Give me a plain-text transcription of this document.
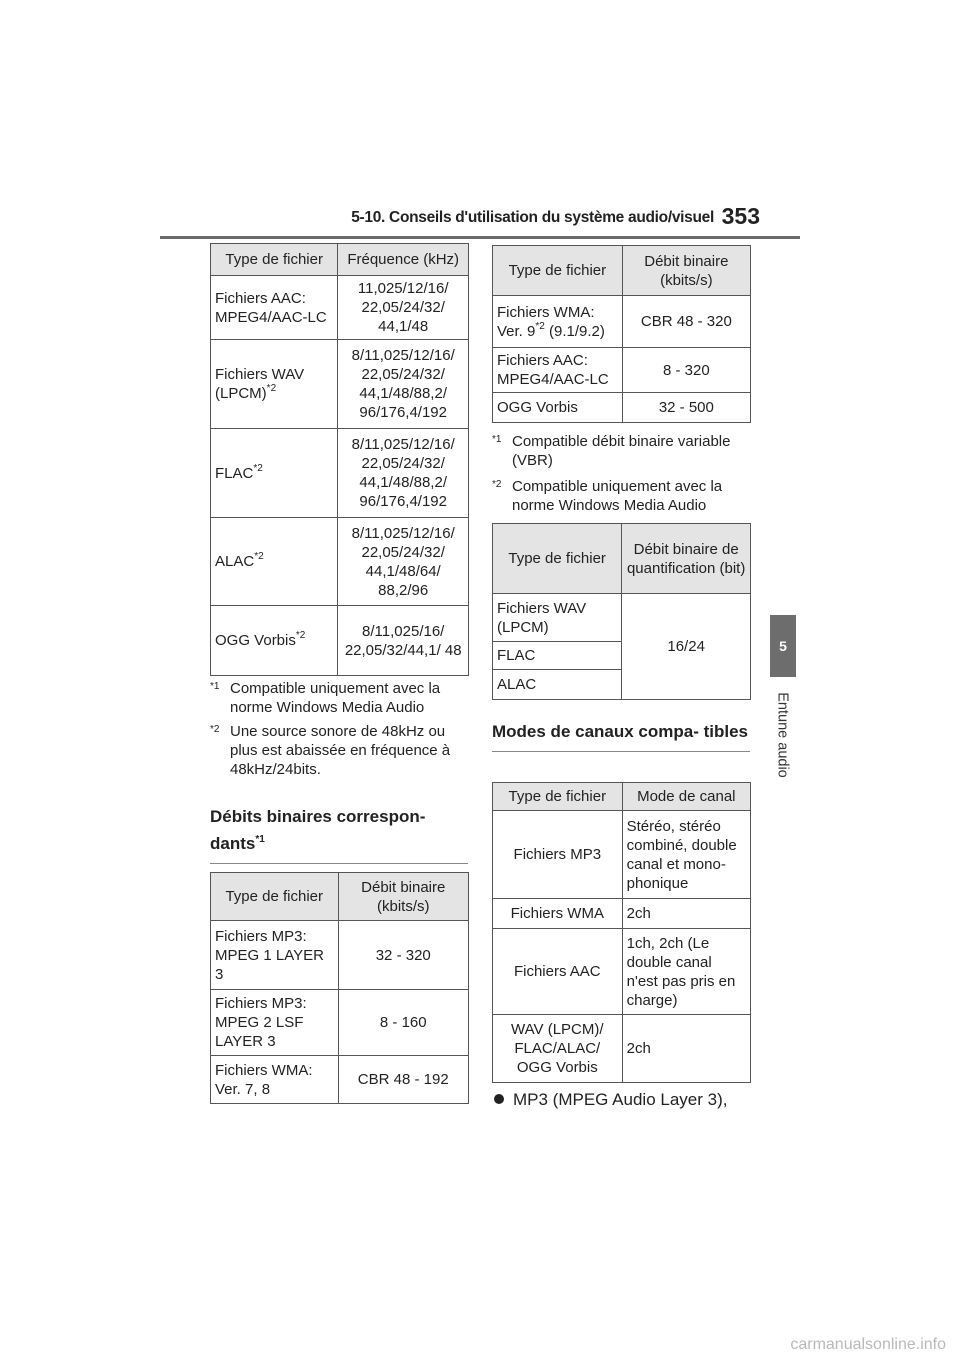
5-10. Conseils d'utilisation du système audio/visuel 353
5
Entune audio
Type de fichier	Fréquence (kHz)
Fichiers AAC: MPEG4/AAC-LC	11,025/12/16/ 22,05/24/32/ 44,1/48
Fichiers WAV (LPCM)$^{*2}$	8/11,025/12/16/ 22,05/24/32/ 44,1/48/88,2/ 96/176,4/192
FLAC$^{*2}$	8/11,025/12/16/ 22,05/24/32/ 44,1/48/88,2/ 96/176,4/192
ALAC$^{*2}$	8/11,025/12/16/ 22,05/24/32/ 44,1/48/64/ 88,2/96
OGG Vorbis$^{*2}$	8/11,025/16/ 22,05/32/44,1/ 48
*1 Compatible uniquement avec la norme Windows Media Audio
*2 Une source sonore de 48kHz ou plus est abaissée en fréquence à 48kHz/24bits.
Débits binaires correspon- dants$^{*1}$
Type de fichier	Débit binaire (kbits/s)
Fichiers MP3: MPEG 1 LAYER 3	32 - 320
Fichiers MP3: MPEG 2 LSF LAYER 3	8 - 160
Fichiers WMA: Ver. 7, 8	CBR 48 - 192
Type de fichier	Débit binaire (kbits/s)
Fichiers WMA: Ver. 9$^{*2}$ (9.1/9.2)	CBR 48 - 320
Fichiers AAC: MPEG4/AAC-LC	8 - 320
OGG Vorbis	32 - 500
*1 Compatible débit binaire variable (VBR)
*2 Compatible uniquement avec la norme Windows Media Audio
Type de fichier	Débit binaire de quantification (bit)
Fichiers WAV (LPCM)	16/24
FLAC	
ALAC	
Modes de canaux compa- tibles
Type de fichier	Mode de canal
Fichiers MP3	Stéréo, stéréo combiné, double canal et mono- phonique
Fichiers WMA	2ch
Fichiers AAC	1ch, 2ch (Le double canal n'est pas pris en charge)
WAV (LPCM)/ FLAC/ALAC/ OGG Vorbis	2ch
MP3 (MPEG Audio Layer 3),
carmanualsonline.info
